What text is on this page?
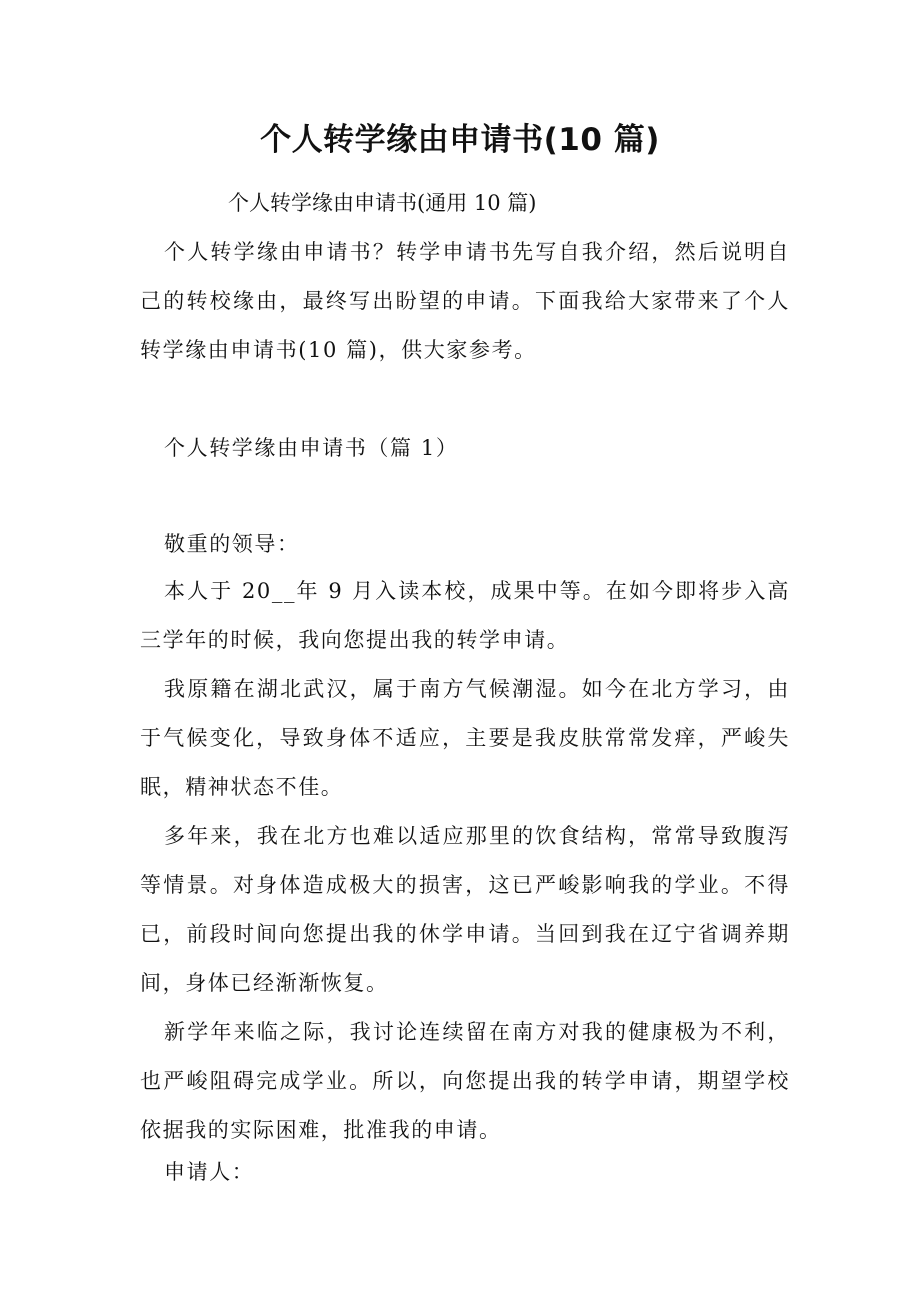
个人转学缘由申请书(10 篇)
个人转学缘由申请书(通用 10 篇)

个人转学缘由申请书？转学申请书先写自我介绍，然后说明自己的转校缘由，最终写出盼望的申请。下面我给大家带来了个人转学缘由申请书(10 篇)，供大家参考。

个人转学缘由申请书（篇 1）
敬重的领导：

本人于 20__年 9 月入读本校，成果中等。在如今即将步入高三学年的时候，我向您提出我的转学申请。

我原籍在湖北武汉，属于南方气候潮湿。如今在北方学习，由于气候变化，导致身体不适应，主要是我皮肤常常发痒，严峻失眠，精神状态不佳。

多年来，我在北方也难以适应那里的饮食结构，常常导致腹泻等情景。对身体造成极大的损害，这已严峻影响我的学业。不得已，前段时间向您提出我的休学申请。当回到我在辽宁省调养期间，身体已经渐渐恢复。

新学年来临之际，我讨论连续留在南方对我的健康极为不利，也严峻阻碍完成学业。所以，向您提出我的转学申请，期望学校依据我的实际困难，批准我的申请。

申请人：
